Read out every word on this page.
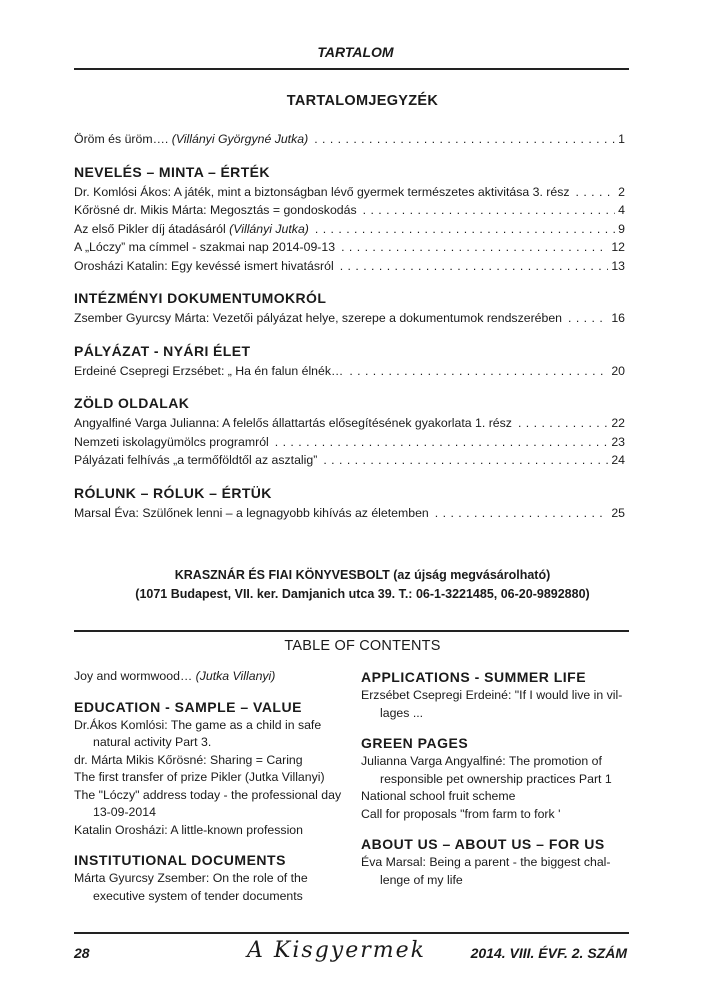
TARTALOM
TARTALOMJEGYZÉK
Öröm és üröm…. (Villányi Györgyné Jutka) . . .	1
NEVELÉS – MINTA – ÉRTÉK
Dr. Komlósi Ákos: A játék, mint a biztonságban lévő gyermek természetes aktivitása 3. rész . . .	2
Kőrösné dr. Mikis Márta: Megosztás = gondoskodás . . .	4
Az első Pikler díj átadásáról (Villányi Jutka) . . .	9
A „Lóczy” ma címmel - szakmai nap 2014-09-13 . . .	12
Orosházi Katalin: Egy kevéssé ismert hivatásról . . .	13
INTÉZMÉNYI DOKUMENTUMOKRÓL
Zsember Gyurcsy Márta: Vezetői pályázat helye, szerepe a dokumentumok rendszerében . . .	16
PÁLYÁZAT - NYÁRI ÉLET
Erdeiné Csepregi Erzsébet: „ Ha én falun élnék… . . .	20
ZÖLD OLDALAK
Angyalfiné Varga Julianna: A felelős állattartás elősegítésének gyakorlata 1. rész . . .	22
Nemzeti iskolagyümölcs programról . . .	23
Pályázati felhívás „a termőföldtől az asztalig” . . .	24
RÓLUNK – RÓLUK – ÉRTÜK
Marsal Éva: Szülőnek lenni – a legnagyobb kihívás az életemben . . .	25
KRASZNÁR ÉS FIAI KÖNYVESBOLT (az újság megvásárolható)
(1071 Budapest, VII. ker. Damjanich utca 39. T.: 06-1-3221485, 06-20-9892880)
TABLE OF CONTENTS
Joy and wormwood… (Jutka Villanyi)
EDUCATION - SAMPLE – VALUE
Dr.Ákos Komlósi: The game as a child in safe natural activity Part 3.
dr. Márta Mikis Kőrösné: Sharing = Caring
The first transfer of prize Pikler (Jutka Villanyi)
The "Lóczy" address today - the professional day 13-09-2014
Katalin Orosházi: A little-known profession
INSTITUTIONAL DOCUMENTS
Márta Gyurcsy Zsember: On the role of the executive system of tender documents
APPLICATIONS - SUMMER LIFE
Erzsébet Csepregi Erdeiné: "If I would live in vil-lages ...
GREEN PAGES
Julianna Varga Angyalfiné: The promotion of responsible pet ownership practices Part 1
National school fruit scheme
Call for proposals "from farm to fork '
ABOUT US – ABOUT US – FOR US
Éva Marsal: Being a parent - the biggest chal-lenge of my life
28	A Kisgyermek	2014. VIII. ÉVF. 2. SZÁM
